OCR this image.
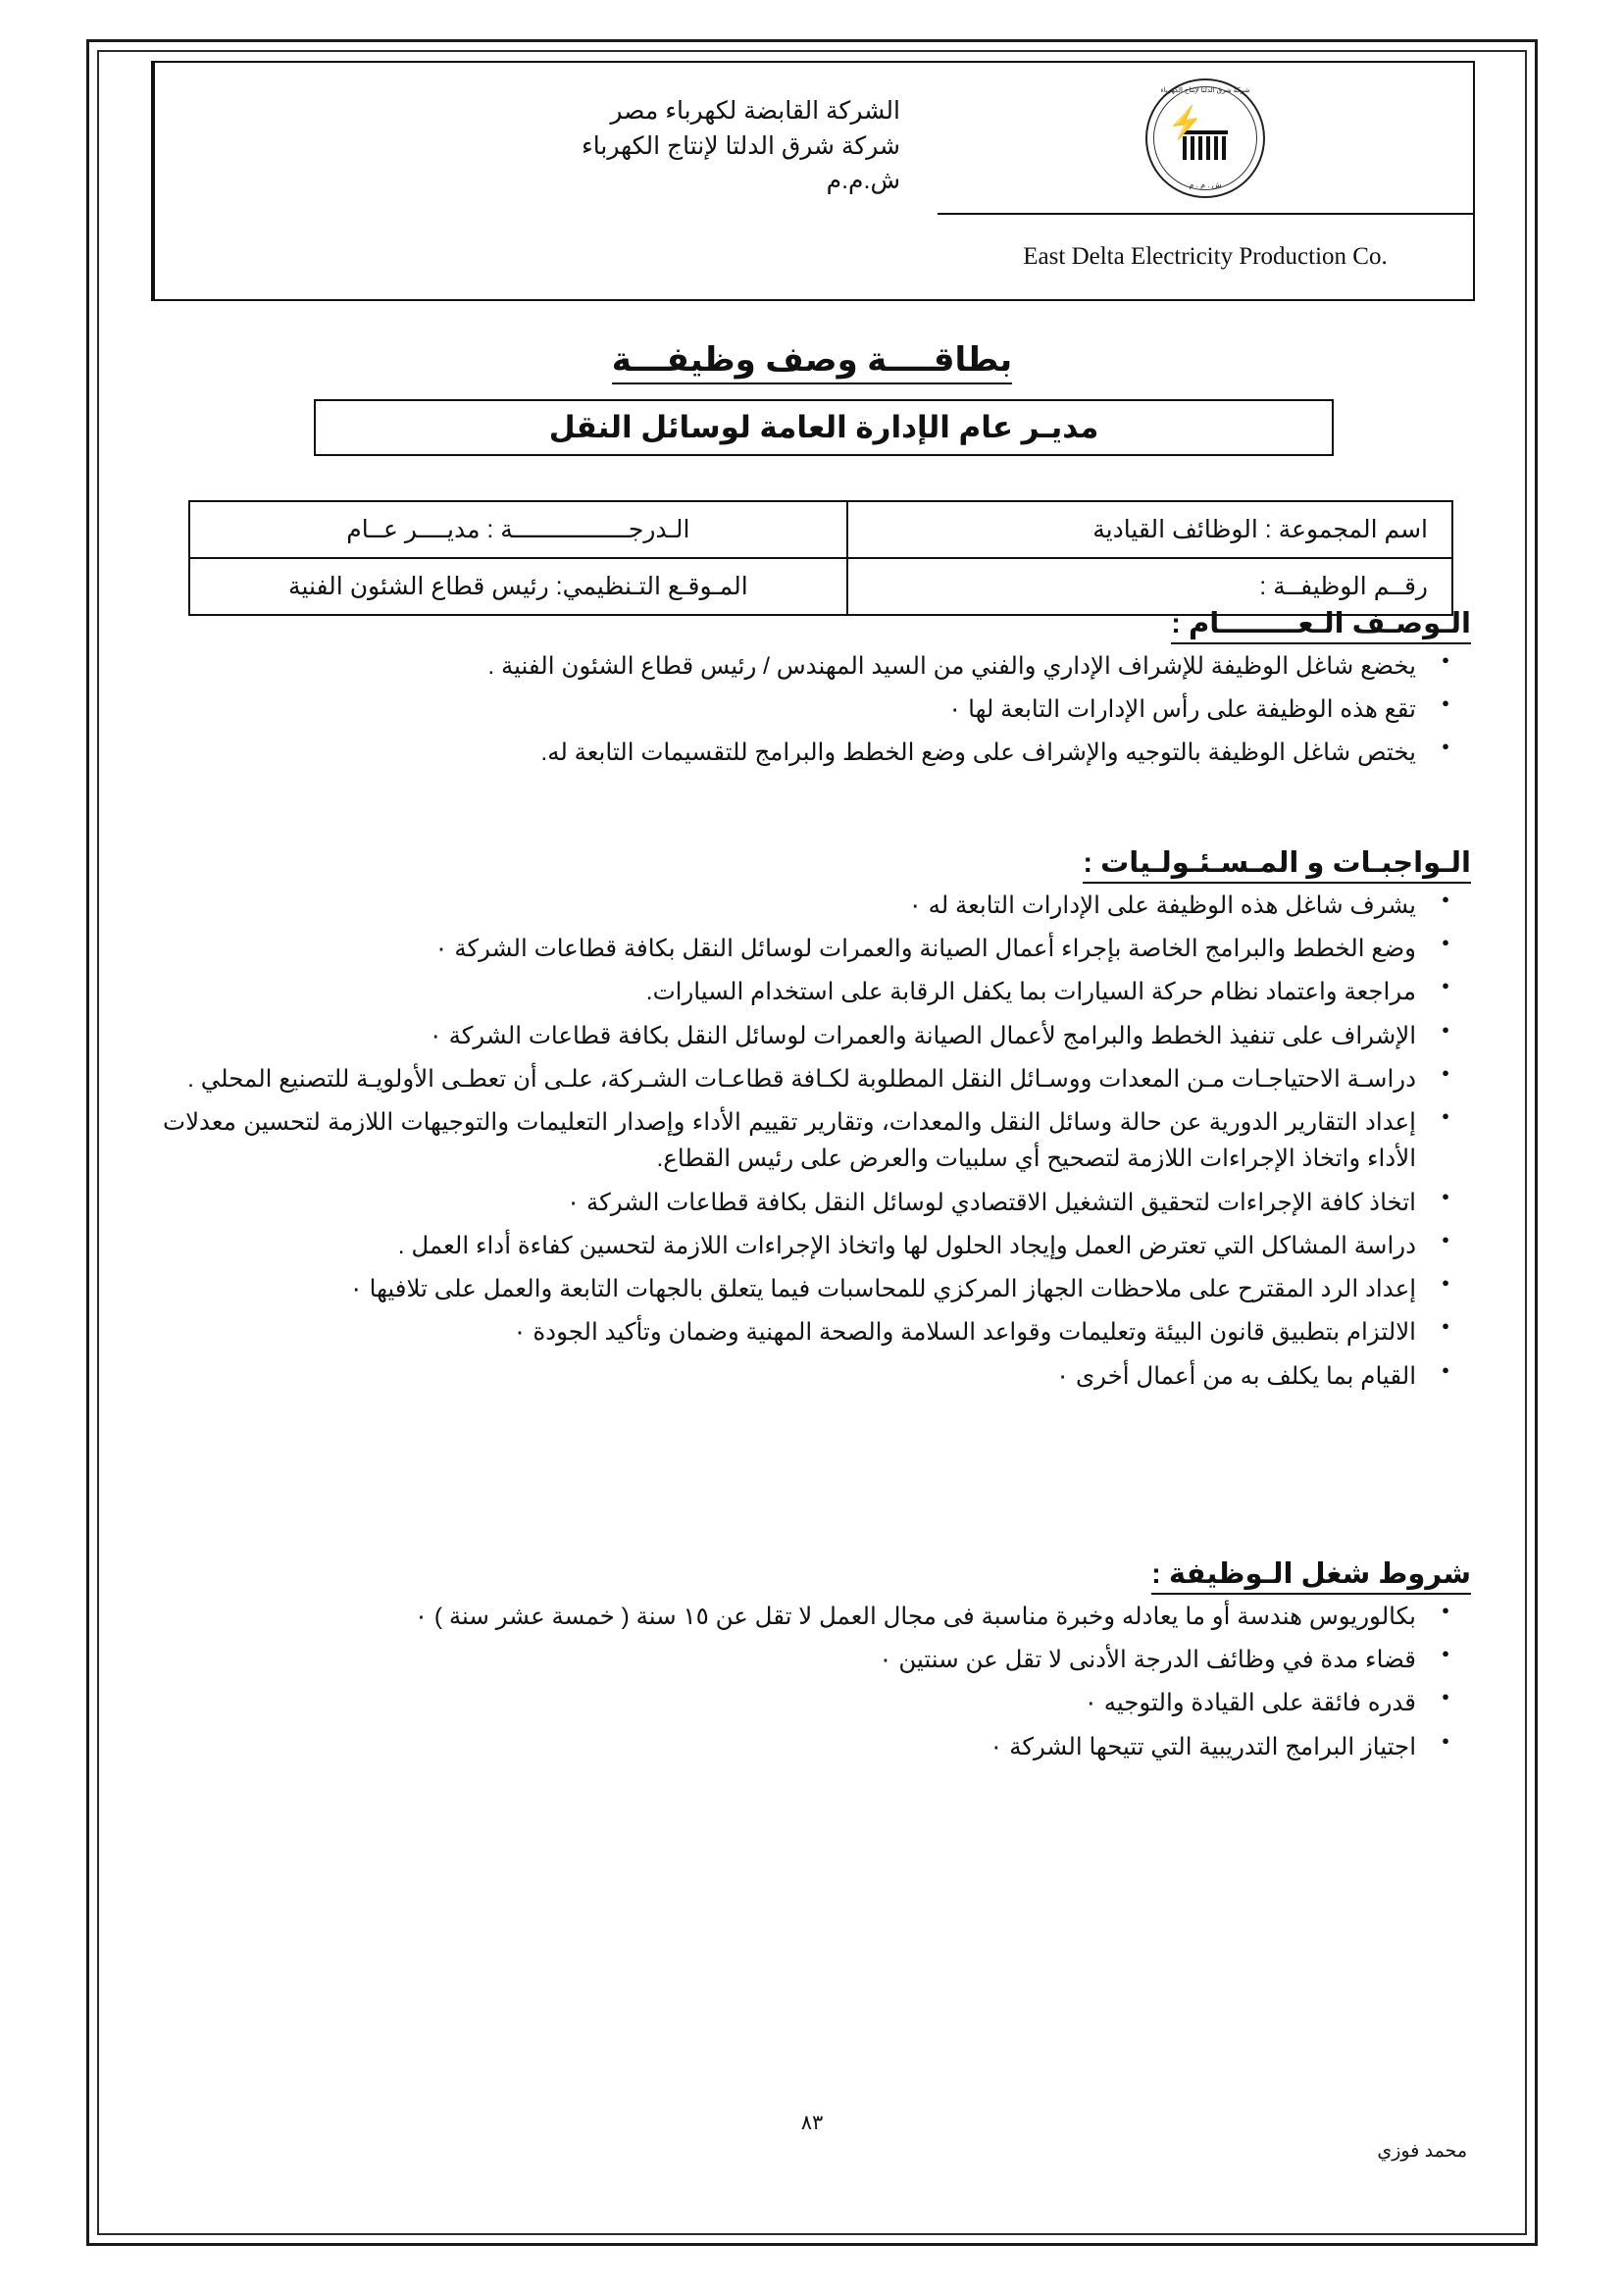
الشركة القابضة لكهرباء مصر
شركة شرق الدلتا لإنتاج الكهرباء
ش.م.م
شركة شرق الدلتا لإنتاج الكهرباء
⚡
ش . م . م
East Delta Electricity Production Co.
بطاقــــة وصف وظيفـــة
مديـر عام الإدارة العامة لوسائل النقل
اسم المجموعة : الوظائف القيادية
الـدرجــــــــــــــــة : مديــــر عــام
رقــم الوظيفــة :
المـوقـع التـنظيمي: رئيس قطاع الشئون الفنية
الـوصـف الـعــــــــام :
● يخضع شاغل الوظيفة للإشراف الإداري والفني من السيد المهندس / رئيس قطاع الشئون الفنية .
● تقع هذه الوظيفة على رأس الإدارات التابعة لها ٠
● يختص شاغل الوظيفة بالتوجيه والإشراف على وضع الخطط والبرامج للتقسيمات التابعة له.
الـواجبـات و المـسـئـولـيات :
● يشرف شاغل هذه الوظيفة على الإدارات التابعة له ٠
● وضع الخطط والبرامج الخاصة بإجراء أعمال الصيانة والعمرات لوسائل النقل بكافة قطاعات الشركة ٠
● مراجعة واعتماد نظام حركة السيارات بما يكفل الرقابة على استخدام السيارات.
● الإشراف على تنفيذ الخطط والبرامج لأعمال الصيانة والعمرات لوسائل النقل بكافة قطاعات الشركة ٠
● دراسـة الاحتياجـات مـن المعدات ووسـائل النقل المطلوبة لكـافة قطاعـات الشـركة، علـى أن تعطـى الأولويـة للتصنيع المحلي .
● إعداد التقارير الدورية عن حالة وسائل النقل والمعدات، وتقارير تقييم الأداء وإصدار التعليمات والتوجيهات اللازمة لتحسين معدلات الأداء واتخاذ الإجراءات اللازمة لتصحيح أي سلبيات والعرض على رئيس القطاع.
● اتخاذ كافة الإجراءات لتحقيق التشغيل الاقتصادي لوسائل النقل بكافة قطاعات الشركة ٠
● دراسة المشاكل التي تعترض العمل وإيجاد الحلول لها واتخاذ الإجراءات اللازمة لتحسين كفاءة أداء العمل .
● إعداد الرد المقترح على ملاحظات الجهاز المركزي للمحاسبات فيما يتعلق بالجهات التابعة والعمل على تلافيها ٠
● الالتزام بتطبيق قانون البيئة وتعليمات وقواعد السلامة والصحة المهنية وضمان وتأكيد الجودة ٠
● القيام بما يكلف به من أعمال أخرى ٠
شروط شغل الـوظيفة :
● بكالوريوس هندسة أو ما يعادله وخبرة مناسبة فى مجال العمل لا تقل عن ١٥ سنة ( خمسة عشر سنة ) ٠
● قضاء مدة في وظائف الدرجة الأدنى لا تقل عن سنتين ٠
● قدره فائقة على القيادة والتوجيه ٠
● اجتياز البرامج التدريبية التي تتيحها الشركة ٠
٨٣
محمد فوزي
